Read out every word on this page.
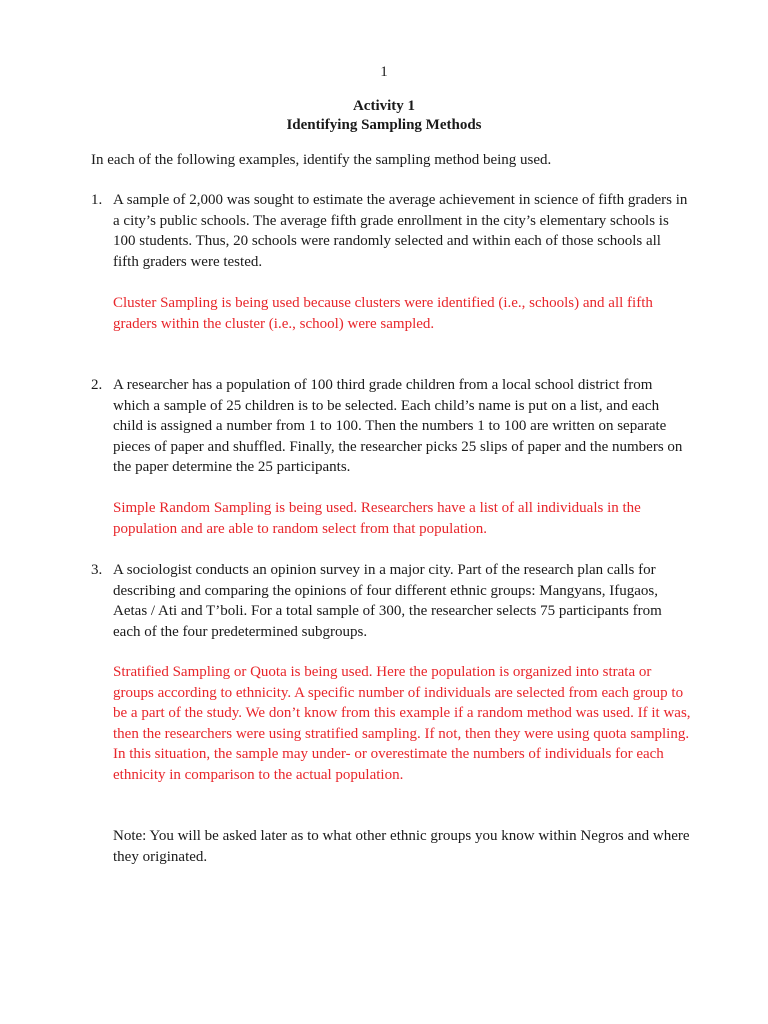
1
Activity 1
Identifying Sampling Methods
In each of the following examples, identify the sampling method being used.
1. A sample of 2,000 was sought to estimate the average achievement in science of fifth graders in a city’s public schools. The average fifth grade enrollment in the city’s elementary schools is 100 students. Thus, 20 schools were randomly selected and within each of those schools all fifth graders were tested.
Cluster Sampling is being used because clusters were identified (i.e., schools) and all fifth graders within the cluster (i.e., school) were sampled.
2. A researcher has a population of 100 third grade children from a local school district from which a sample of 25 children is to be selected. Each child’s name is put on a list, and each child is assigned a number from 1 to 100. Then the numbers 1 to 100 are written on separate pieces of paper and shuffled. Finally, the researcher picks 25 slips of paper and the numbers on the paper determine the 25 participants.
Simple Random Sampling is being used. Researchers have a list of all individuals in the population and are able to random select from that population.
3. A sociologist conducts an opinion survey in a major city. Part of the research plan calls for describing and comparing the opinions of four different ethnic groups: Mangyans, Ifugaos, Aetas / Ati and T’boli. For a total sample of 300, the researcher selects 75 participants from each of the four predetermined subgroups.
Stratified Sampling or Quota is being used. Here the population is organized into strata or groups according to ethnicity. A specific number of individuals are selected from each group to be a part of the study. We don’t know from this example if a random method was used. If it was, then the researchers were using stratified sampling. If not, then they were using quota sampling. In this situation, the sample may under- or overestimate the numbers of individuals for each ethnicity in comparison to the actual population.
Note: You will be asked later as to what other ethnic groups you know within Negros and where they originated.
